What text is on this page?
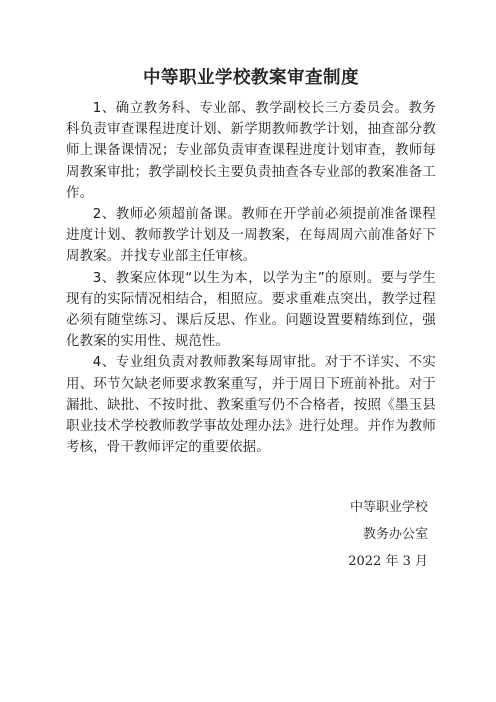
中等职业学校教案审查制度

1、确立教务科、专业部、教学副校长三方委员会。教务科负责审查课程进度计划、新学期教师教学计划，抽查部分教师上课备课情况；专业部负责审查课程进度计划审查，教师每周教案审批；教学副校长主要负责抽查各专业部的教案准备工作。

2、教师必须超前备课。教师在开学前必须提前准备课程进度计划、教师教学计划及一周教案，在每周周六前准备好下周教案。并找专业部主任审核。

3、教案应体现“以生为本，以学为主”的原则。要与学生现有的实际情况相结合，相照应。要求重难点突出，教学过程必须有随堂练习、课后反思、作业。问题设置要精练到位，强化教案的实用性、规范性。

4、专业组负责对教师教案每周审批。对于不详实、不实用、环节欠缺老师要求教案重写，并于周日下班前补批。对于漏批、缺批、不按时批、教案重写仍不合格者，按照《墨玉县职业技术学校教师教学事故处理办法》进行处理。并作为教师考核，骨干教师评定的重要依据。

中等职业学校
教务办公室
2022 年 3 月
